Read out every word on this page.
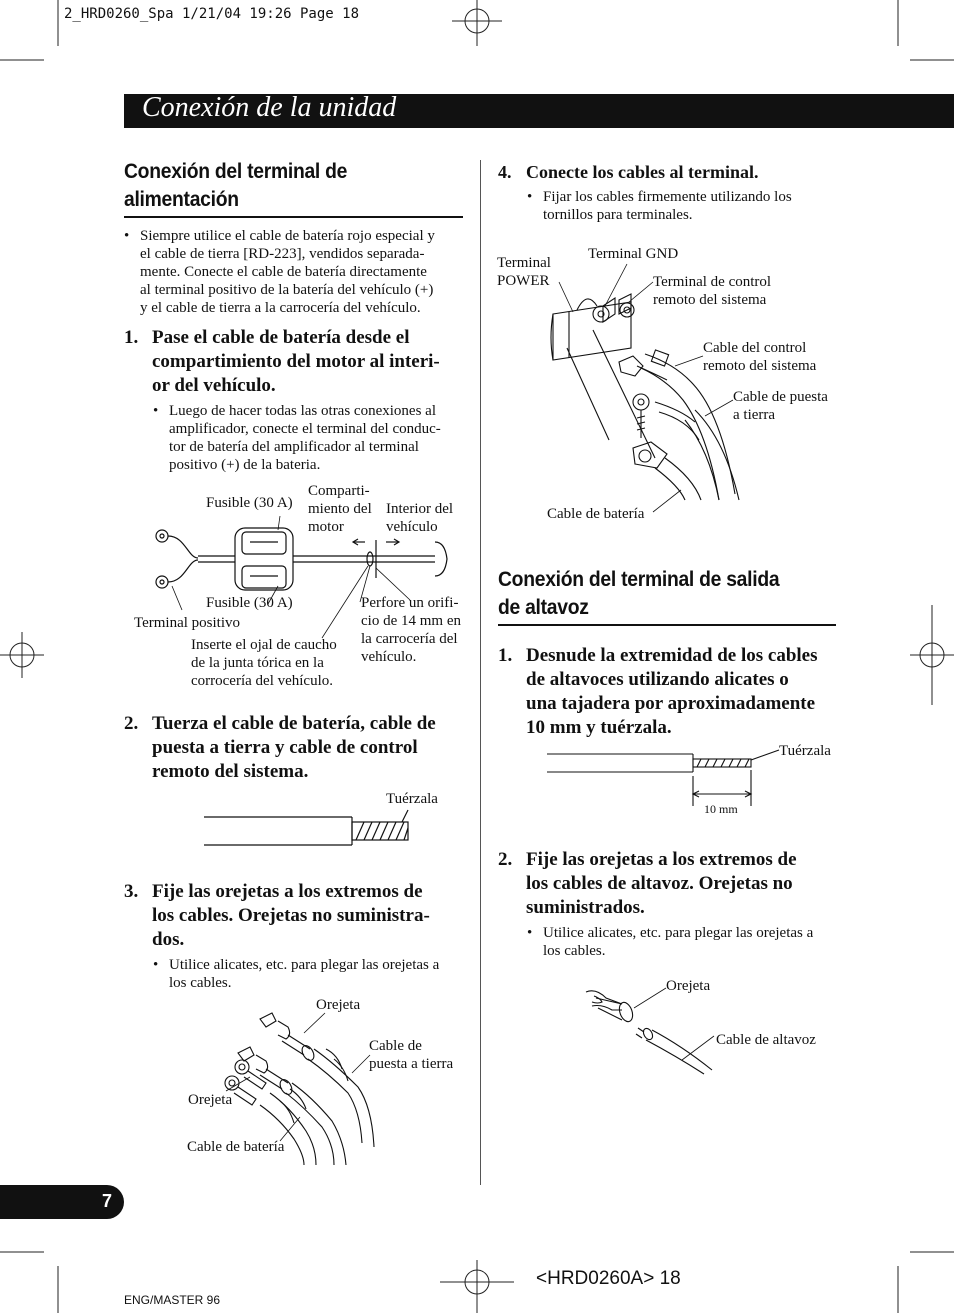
2_HRD0260_Spa 1/21/04 19:26 Page 18
Conexión de la unidad
Conexión del terminal de
alimentación
• Siempre utilice el cable de batería rojo especial y
el cable de tierra [RD-223], vendidos separada-
mente. Conecte el cable de batería directamente
al terminal positivo de la batería del vehículo (+)
y el cable de tierra a la carrocería del vehículo.
1. Pase el cable de batería desde el
compartimiento del motor al interi-
or del vehículo.
• Luego de hacer todas las otras conexiones al
amplificador, conecte el terminal del conduc-
tor de batería del amplificador al terminal
positivo (+) de la bateria.
Fusible (30 A)
Comparti-
miento del
motor
Interior del
vehículo
Fusible (30 A)
Terminal positivo
Perfore un orifi-
cio de 14 mm en
la carrocería del
vehículo.
Inserte el ojal de caucho
de la junta tórica en la
corrocería del vehículo.
2. Tuerza el cable de batería, cable de
puesta a tierra y cable de control
remoto del sistema.
Tuérzala
3. Fije las orejetas a los extremos de
los cables. Orejetas no suministra-
dos.
• Utilice alicates, etc. para plegar las orejetas a
los cables.
Orejeta
Cable de
puesta a tierra
Orejeta
Cable de batería
4. Conecte los cables al terminal.
• Fijar los cables firmemente utilizando los
tornillos para terminales.
Terminal
POWER
Terminal GND
Terminal de control
remoto del sistema
Cable del control
remoto del sistema
Cable de puesta
a tierra
Cable de batería
Conexión del terminal de salida
de altavoz
1. Desnude la extremidad de los cables
de altavoces utilizando alicates o
una tajadera por aproximadamente
10 mm y tuérzala.
Tuérzala
10 mm
2. Fije las orejetas a los extremos de
los cables de altavoz. Orejetas no
suministrados.
• Utilice alicates, etc. para plegar las orejetas a
los cables.
Orejeta
Cable de altavoz
7
<HRD0260A> 18
ENG/MASTER 96
